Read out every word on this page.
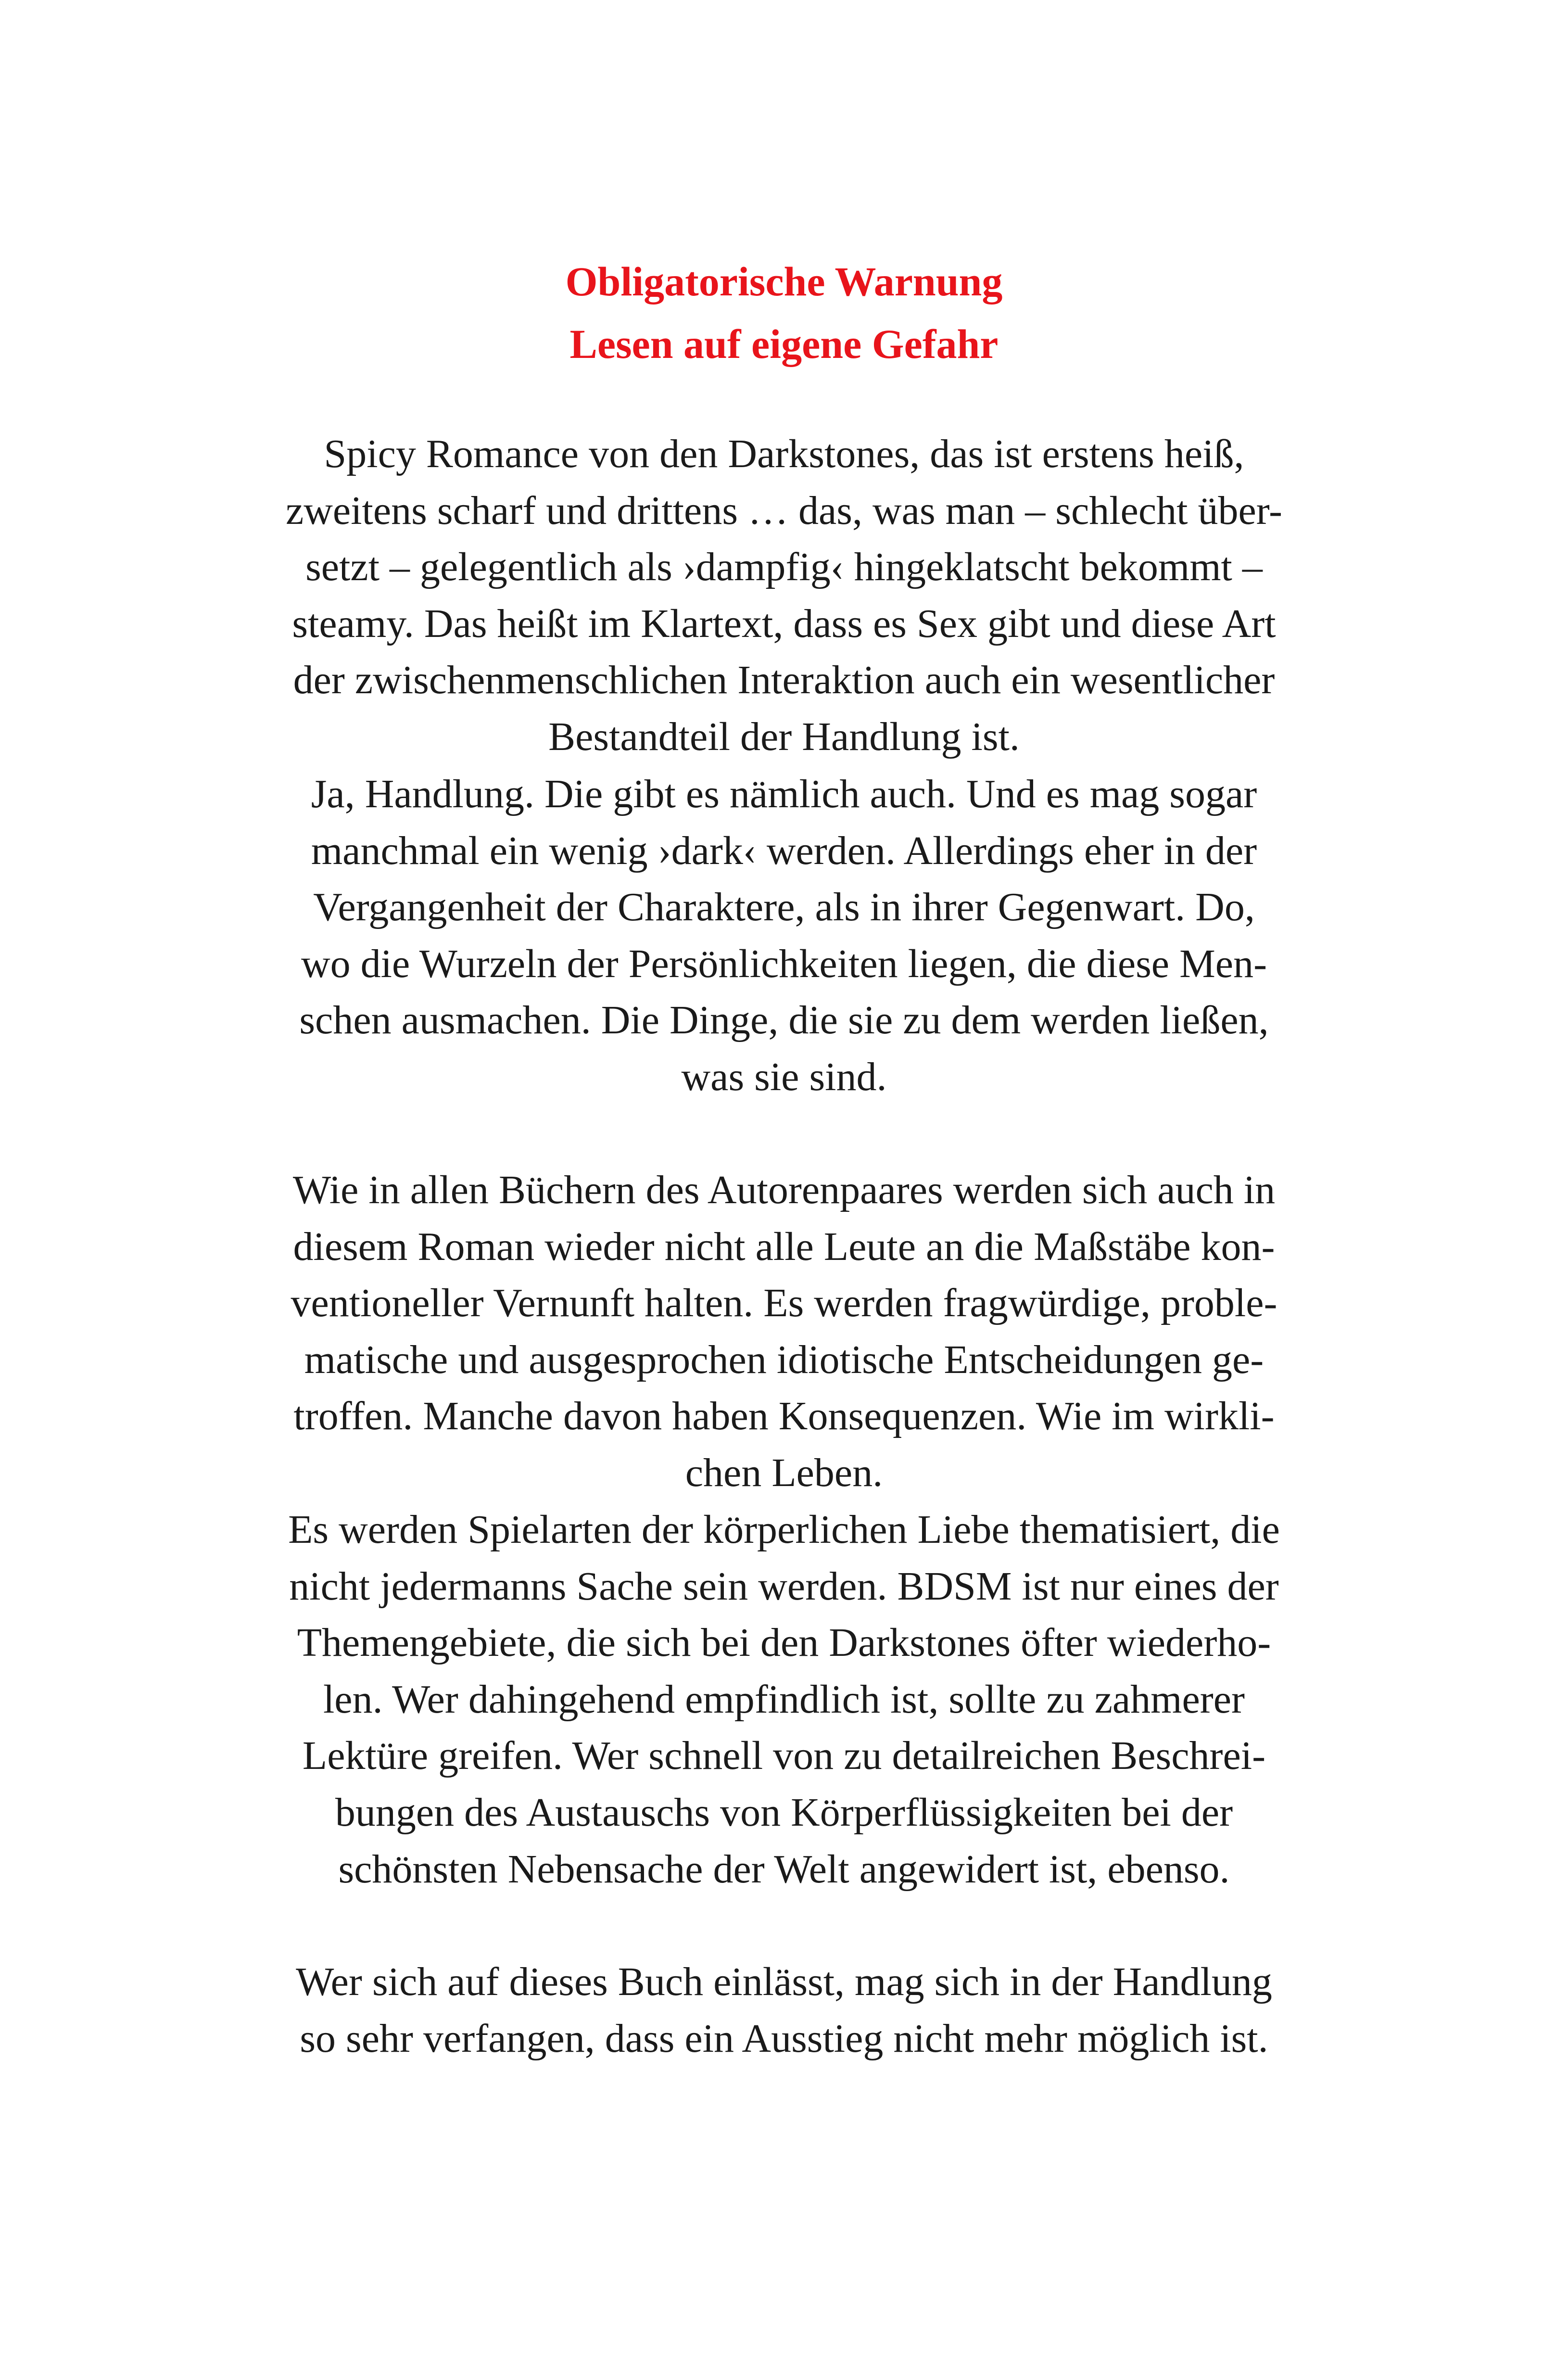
Obligatorische Warnung
Lesen auf eigene Gefahr
Spicy Romance von den Darkstones, das ist erstens heiß,
zweitens scharf und drittens … das, was man – schlecht über-
setzt – gelegentlich als ›dampfig‹ hingeklatscht bekommt –
steamy. Das heißt im Klartext, dass es Sex gibt und diese Art
der zwischenmenschlichen Interaktion auch ein wesentlicher
Bestandteil der Handlung ist.
Ja, Handlung. Die gibt es nämlich auch. Und es mag sogar
manchmal ein wenig ›dark‹ werden. Allerdings eher in der
Vergangenheit der Charaktere, als in ihrer Gegenwart. Do,
wo die Wurzeln der Persönlichkeiten liegen, die diese Men-
schen ausmachen. Die Dinge, die sie zu dem werden ließen,
was sie sind.
Wie in allen Büchern des Autorenpaares werden sich auch in
diesem Roman wieder nicht alle Leute an die Maßstäbe kon-
ventioneller Vernunft halten. Es werden fragwürdige, proble-
matische und ausgesprochen idiotische Entscheidungen ge-
troffen. Manche davon haben Konsequenzen. Wie im wirkli-
chen Leben.
Es werden Spielarten der körperlichen Liebe thematisiert, die
nicht jedermanns Sache sein werden. BDSM ist nur eines der
Themengebiete, die sich bei den Darkstones öfter wiederho-
len. Wer dahingehend empfindlich ist, sollte zu zahmerer
Lektüre greifen. Wer schnell von zu detailreichen Beschrei-
bungen des Austauschs von Körperflüssigkeiten bei der
schönsten Nebensache der Welt angewidert ist, ebenso.
Wer sich auf dieses Buch einlässt, mag sich in der Handlung
so sehr verfangen, dass ein Ausstieg nicht mehr möglich ist.
